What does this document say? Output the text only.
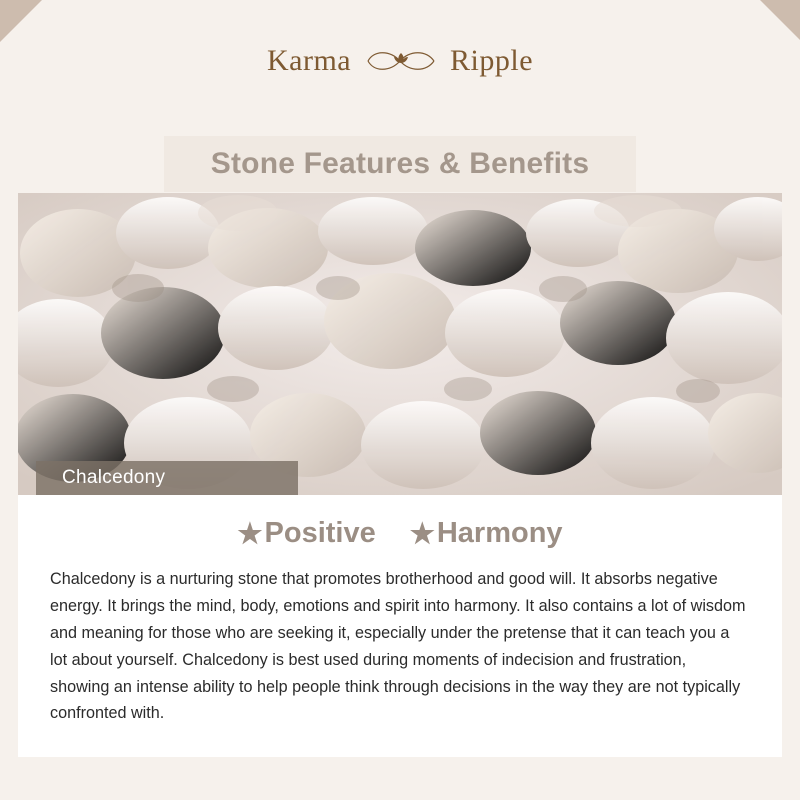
Karma	Ripple
Stone Features & Benefits
Chalcedony
★ Positive ★ Harmony

Chalcedony is a nurturing stone that promotes brotherhood and good will. It absorbs negative energy. It brings the mind, body, emotions and spirit into harmony. It also contains a lot of wisdom and meaning for those who are seeking it, especially under the pretense that it can teach you a lot about yourself. Chalcedony is best used during moments of indecision and frustration, showing an intense ability to help people think through decisions in the way they are not typically confronted with.
